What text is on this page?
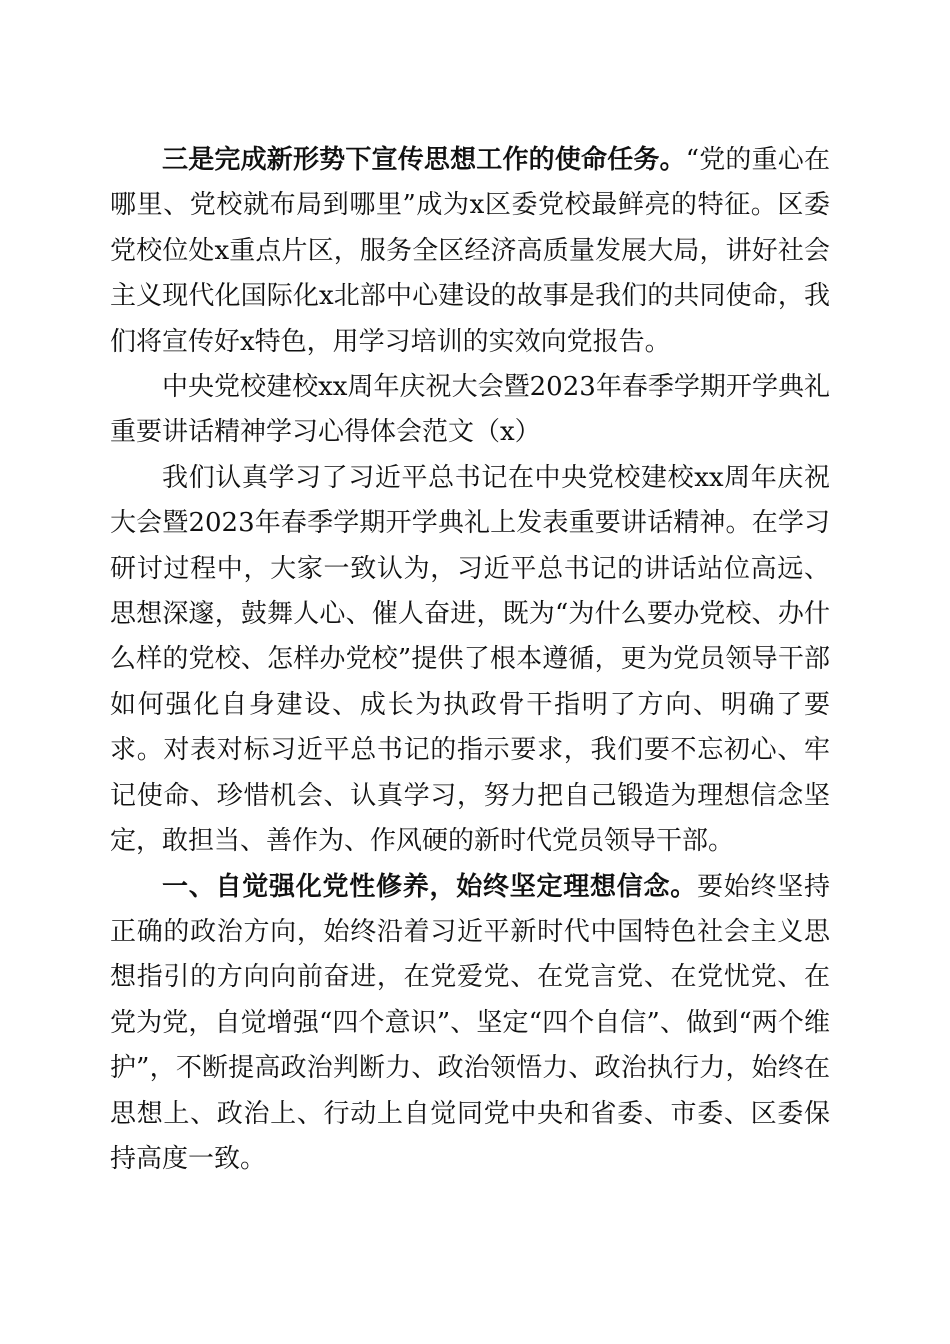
三是完成新形势下宣传思想工作的使命任务。“党的重心在哪里、党校就布局到哪里”成为x区委党校最鲜亮的特征。区委党校位处x重点片区，服务全区经济高质量发展大局，讲好社会主义现代化国际化x北部中心建设的故事是我们的共同使命，我们将宣传好x特色，用学习培训的实效向党报告。

中央党校建校xx周年庆祝大会暨2023年春季学期开学典礼重要讲话精神学习心得体会范文（x）

我们认真学习了习近平总书记在中央党校建校xx周年庆祝大会暨2023年春季学期开学典礼上发表重要讲话精神。在学习研讨过程中，大家一致认为，习近平总书记的讲话站位高远、思想深邃，鼓舞人心、催人奋进，既为“为什么要办党校、办什么样的党校、怎样办党校”提供了根本遵循，更为党员领导干部如何强化自身建设、成长为执政骨干指明了方向、明确了要求。对表对标习近平总书记的指示要求，我们要不忘初心、牢记使命、珍惜机会、认真学习，努力把自己锻造为理想信念坚定，敢担当、善作为、作风硬的新时代党员领导干部。

一、自觉强化党性修养，始终坚定理想信念。要始终坚持正确的政治方向，始终沿着习近平新时代中国特色社会主义思想指引的方向向前奋进，在党爱党、在党言党、在党忧党、在党为党，自觉增强“四个意识”、坚定“四个自信”、做到“两个维护”，不断提高政治判断力、政治领悟力、政治执行力，始终在思想上、政治上、行动上自觉同党中央和省委、市委、区委保持高度一致。
